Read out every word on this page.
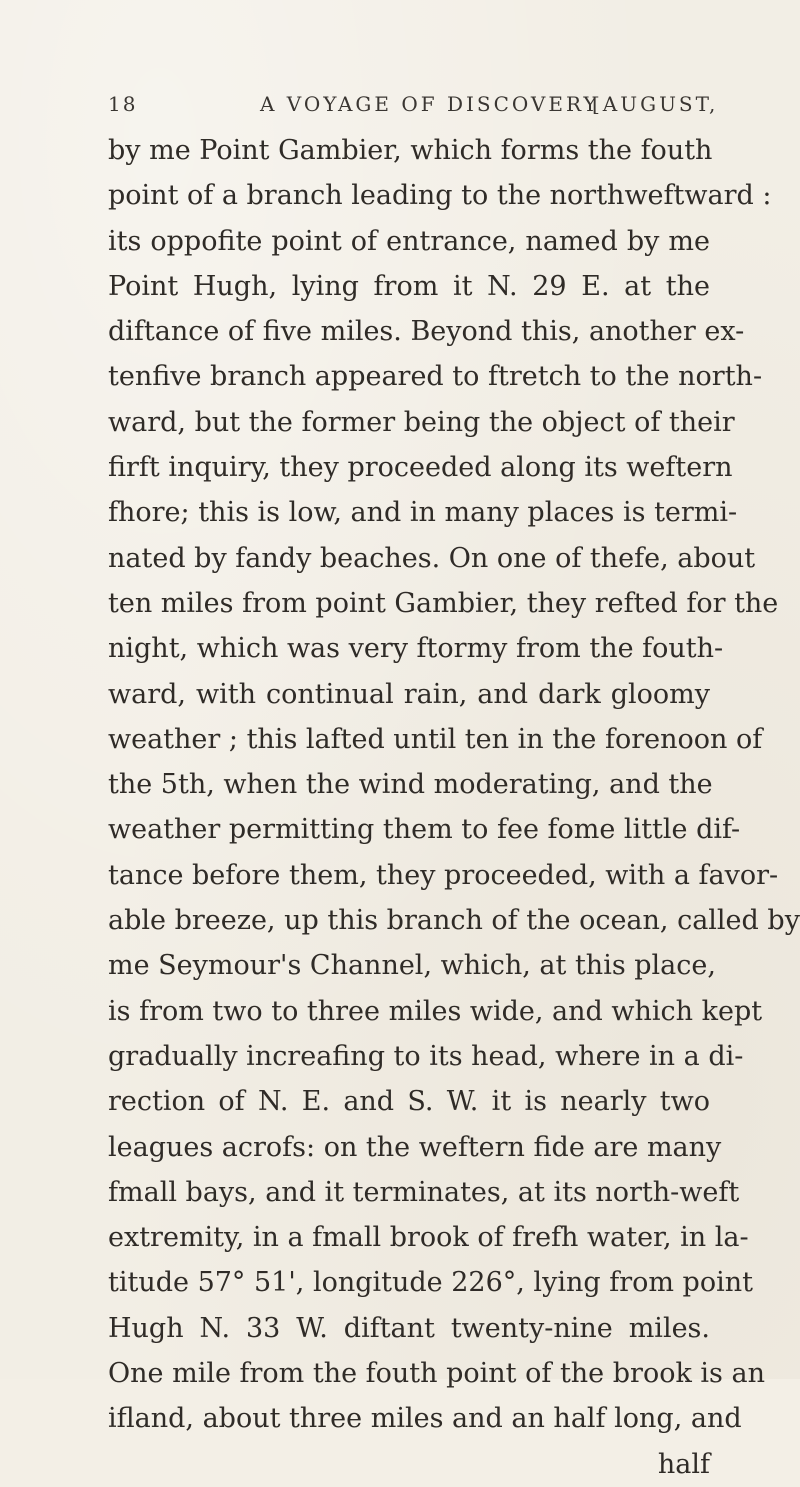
18	A VOYAGE OF DISCOVERY
[AUGUST,
by me Point Gambier, which forms the fouth
point of a branch leading to the northweftward :
its oppofite point of entrance, named by me
Point Hugh, lying from it N. 29 E. at the
diftance of five miles. Beyond this, another ex-
tenfive branch appeared to ftretch to the north-
ward, but the former being the object of their
firft inquiry, they proceeded along its weftern
fhore; this is low, and in many places is termi-
nated by fandy beaches. On one of thefe, about
ten miles from point Gambier, they refted for the
night, which was very ftormy from the fouth-
ward, with continual rain, and dark gloomy
weather ; this lafted until ten in the forenoon of
the 5th, when the wind moderating, and the
weather permitting them to fee fome little dif-
tance before them, they proceeded, with a favor-
able breeze, up this branch of the ocean, called by
me Seymour's Channel, which, at this place,
is from two to three miles wide, and which kept
gradually increafing to its head, where in a di-
rection of N. E. and S. W. it is nearly two
leagues acrofs: on the weftern fide are many
fmall bays, and it terminates, at its north-weft
extremity, in a fmall brook of frefh water, in la-
titude 57° 51', longitude 226°, lying from point
Hugh N. 33 W. diftant twenty-nine miles.
One mile from the fouth point of the brook is an
ifland, about three miles and an half long, and
half
